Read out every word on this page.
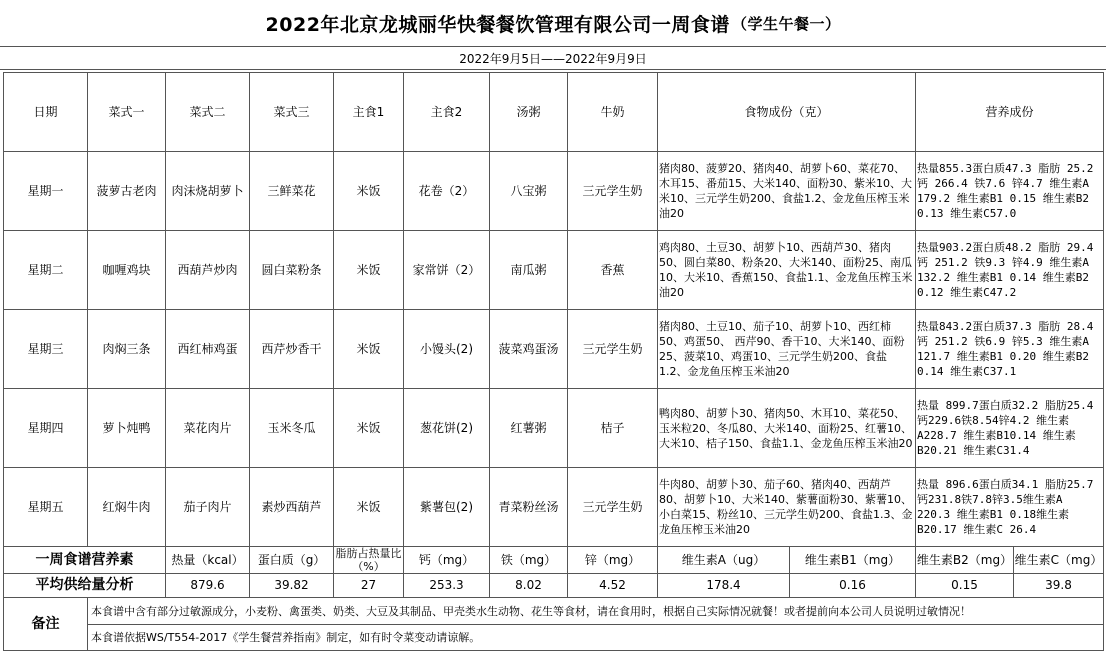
2022年北京龙城丽华快餐餐饮管理有限公司一周食谱 （学生午餐一）
2022年9月5日——2022年9月9日
日期	菜式一	菜式二	菜式三	主食1	主食2	汤粥	牛奶	食物成份（克）		营养成份	
星期一	菠萝古老肉	肉沫烧胡萝卜	三鲜菜花	米饭	花卷（2）	八宝粥	三元学生奶	猪肉80、菠萝20、猪肉40、胡萝卜60、菜花70、木耳15、番茄15、大米140、面粉30、紫米10、大米10、三元学生奶200、食盐1.2、金龙鱼压榨玉米油20		热量855.3蛋白质47.3 脂肪 25.2 钙 266.4 铁7.6 锌4.7 维生素A 179.2 维生素B1 0.15 维生素B2 0.13 维生素C57.0	
星期二	咖喱鸡块	西葫芦炒肉	圆白菜粉条	米饭	家常饼（2）	南瓜粥	香蕉	鸡肉80、土豆30、胡萝卜10、西葫芦30、猪肉50、圆白菜80、粉条20、大米140、面粉25、南瓜10、大米10、香蕉150、食盐1.1、金龙鱼压榨玉米油20		热量903.2蛋白质48.2 脂肪 29.4 钙 251.2 铁9.3 锌4.9 维生素A 132.2 维生素B1 0.14 维生素B2 0.12 维生素C47.2	
星期三	肉焖三条	西红柿鸡蛋	西芹炒香干	米饭	小馒头(2)	菠菜鸡蛋汤	三元学生奶	猪肉80、土豆10、茄子10、胡萝卜10、西红柿50、鸡蛋50、 西芹90、香干10、大米140、面粉25、菠菜10、鸡蛋10、三元学生奶200、食盐1.2、金龙鱼压榨玉米油20		热量843.2蛋白质37.3 脂肪 28.4 钙 251.2 铁6.9 锌5.3 维生素A 121.7 维生素B1 0.20 维生素B2 0.14 维生素C37.1	
星期四	萝卜炖鸭	菜花肉片	玉米冬瓜	米饭	葱花饼(2)	红薯粥	桔子	鸭肉80、胡萝卜30、猪肉50、木耳10、菜花50、玉米粒20、冬瓜80、大米140、面粉25、红薯10、大米10、桔子150、食盐1.1、金龙鱼压榨玉米油20		热量 899.7蛋白质32.2 脂肪25.4 钙229.6铁8.54锌4.2 维生素A228.7 维生素B10.14 维生素B20.21 维生素C31.4	
星期五	红焖牛肉	茄子肉片	素炒西葫芦	米饭	紫薯包(2)	青菜粉丝汤	三元学生奶	牛肉80、胡萝卜30、茄子60、猪肉40、西葫芦80、胡萝卜10、大米140、紫薯面粉30、紫薯10、小白菜15、粉丝10、三元学生奶200、食盐1.3、金龙鱼压榨玉米油20		热量 896.6蛋白质34.1 脂肪25.7 钙231.8铁7.8锌3.5维生素A 220.3 维生素B1 0.18维生素B20.17 维生素C 26.4	
一周食谱营养素		热量（kcal）	蛋白质（g）	脂肪占热量比（%）	钙（mg）	铁（mg）	锌（mg）	维生素A（ug）	维生素B1（mg）	维生素B2（mg）	维生素C（mg）
平均供给量分析		879.6	39.82	27	253.3	8.02	4.52	178.4	0.16	0.15	39.8
备注	本食谱中含有部分过敏源成分，小麦粉、禽蛋类、奶类、大豆及其制品、甲壳类水生动物、花生等食材，请在食用时，根据自己实际情况就餐！或者提前向本公司人员说明过敏情况！										
	本食谱依据WS/T554-2017《学生餐营养指南》制定，如有时令菜变动请谅解。										
